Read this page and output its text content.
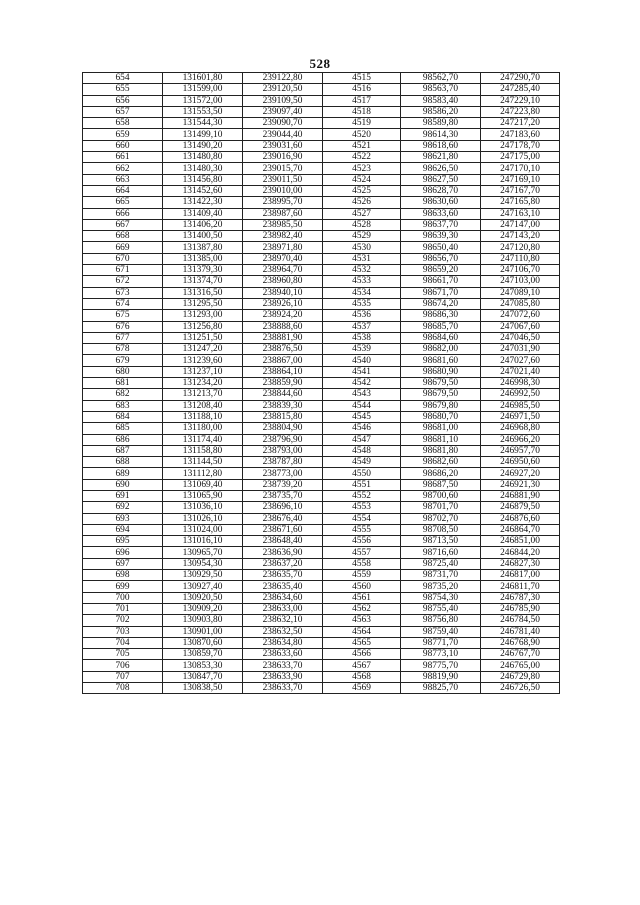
528
654	131601,80	239122,80	4515	98562,70	247290,70
655	131599,00	239120,50	4516	98563,70	247285,40
656	131572,00	239109,50	4517	98583,40	247229,10
657	131553,50	239097,40	4518	98586,20	247223,80
658	131544,30	239090,70	4519	98589,80	247217,20
659	131499,10	239044,40	4520	98614,30	247183,60
660	131490,20	239031,60	4521	98618,60	247178,70
661	131480,80	239016,90	4522	98621,80	247175,00
662	131480,30	239015,70	4523	98626,50	247170,10
663	131456,80	239011,50	4524	98627,50	247169,10
664	131452,60	239010,00	4525	98628,70	247167,70
665	131422,30	238995,70	4526	98630,60	247165,80
666	131409,40	238987,60	4527	98633,60	247163,10
667	131406,20	238985,50	4528	98637,70	247147,00
668	131400,50	238982,40	4529	98639,30	247143,20
669	131387,80	238971,80	4530	98650,40	247120,80
670	131385,00	238970,40	4531	98656,70	247110,80
671	131379,30	238964,70	4532	98659,20	247106,70
672	131374,70	238960,80	4533	98661,70	247103,00
673	131316,50	238940,10	4534	98671,70	247089,10
674	131295,50	238926,10	4535	98674,20	247085,80
675	131293,00	238924,20	4536	98686,30	247072,60
676	131256,80	238888,60	4537	98685,70	247067,60
677	131251,50	238881,90	4538	98684,60	247046,50
678	131247,20	238876,50	4539	98682,00	247031,90
679	131239,60	238867,00	4540	98681,60	247027,60
680	131237,10	238864,10	4541	98680,90	247021,40
681	131234,20	238859,90	4542	98679,50	246998,30
682	131213,70	238844,60	4543	98679,50	246992,50
683	131208,40	238839,30	4544	98679,80	246985,50
684	131188,10	238815,80	4545	98680,70	246971,50
685	131180,00	238804,90	4546	98681,00	246968,80
686	131174,40	238796,90	4547	98681,10	246966,20
687	131158,80	238793,00	4548	98681,80	246957,70
688	131144,50	238787,80	4549	98682,60	246950,60
689	131112,80	238773,00	4550	98686,20	246927,20
690	131069,40	238739,20	4551	98687,50	246921,30
691	131065,90	238735,70	4552	98700,60	246881,90
692	131036,10	238696,10	4553	98701,70	246879,50
693	131026,10	238676,40	4554	98702,70	246876,60
694	131024,00	238671,60	4555	98708,50	246864,70
695	131016,10	238648,40	4556	98713,50	246851,00
696	130965,70	238636,90	4557	98716,60	246844,20
697	130954,30	238637,20	4558	98725,40	246827,30
698	130929,50	238635,70	4559	98731,70	246817,00
699	130927,40	238635,40	4560	98735,20	246811,70
700	130920,50	238634,60	4561	98754,30	246787,30
701	130909,20	238633,00	4562	98755,40	246785,90
702	130903,80	238632,10	4563	98756,80	246784,50
703	130901,00	238632,50	4564	98759,40	246781,40
704	130870,60	238634,80	4565	98771,70	246768,90
705	130859,70	238633,60	4566	98773,10	246767,70
706	130853,30	238633,70	4567	98775,70	246765,00
707	130847,70	238633,90	4568	98819,90	246729,80
708	130838,50	238633,70	4569	98825,70	246726,50
